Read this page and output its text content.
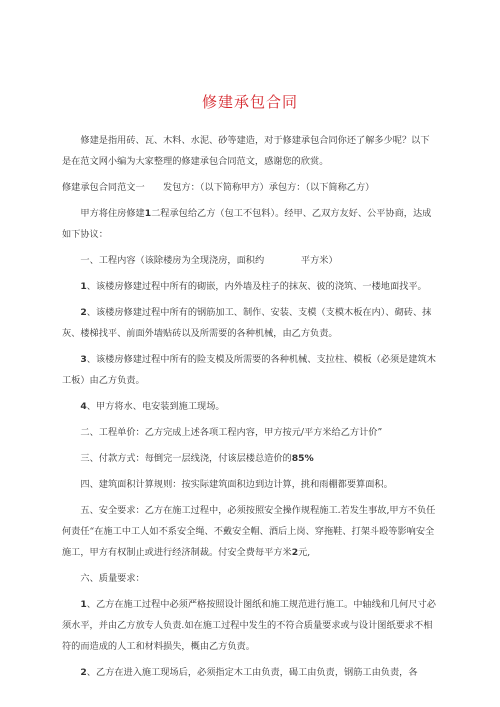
修建承包合同

修建是指用砖、瓦、木料、水泥、砂等建造，对于修建承包合同你还了解多少呢？以下是在范文网小编为大家整理的修建承包合同范文，感谢您的欣赏。

修建承包合同范文一　　发包方：（以下简称甲方）承包方：（以下简称乙方）

甲方将住房修建1二程承包给乙方（包工不包料）。经甲、乙双方友好、公平协商，达成如下协议：

一、工程内容（该除楼房为全现浇房，面积约　　　　平方米）

1、该楼房修建过程中所有的砌嵌，内外墙及柱子的抹灰、彼的浇筑、一楼地面找平。

2、该楼房修建过程中所有的钢筋加工、制作、安装、支模（支模木板在内）、砌砖、抹灰、楼梯找平、前面外墙贴砖以及所需要的各种机械，由乙方负责。

3、该楼房修建过程中所有的险支模及所需要的各种机械、支拉柱、模板（必须是建筑木工板）由乙方负责。

4、甲方将水、电安装到施工现场。

二、工程单价：乙方完成上述各项工程内容，甲方按元/平方米给乙方计价”

三、付款方式：每倒完一层线浇，付该层楼总造价的85%

四、建筑面积计算规则：按实际建筑面积边到边计算，挑和雨棚都要算面积。

五、安全要求：乙方在施工过程中，必须按照安全操作规程施工.若发生事故,甲方不负任何责任“在施工中工人如不系安全绳、不戴安全帽、酒后上岗、穿拖鞋、打架斗殴等影响安全施工，甲方有权制止或进行经济制裁。付安全费每平方米2元,

六、质量要求：

1、乙方在施工过程中必须严格按照设计图纸和施工规范进行施工。中轴线和几何尺寸必须水平，并由乙方放专人负责.如在施工过程中发生的不符合质量要求或与设计图纸要求不相符的而造成的人工和材料损失，概由乙方负责。

2、乙方在进入施工现场后，必须指定木工由负责，碣工由负责，钢筋工由负责，各
